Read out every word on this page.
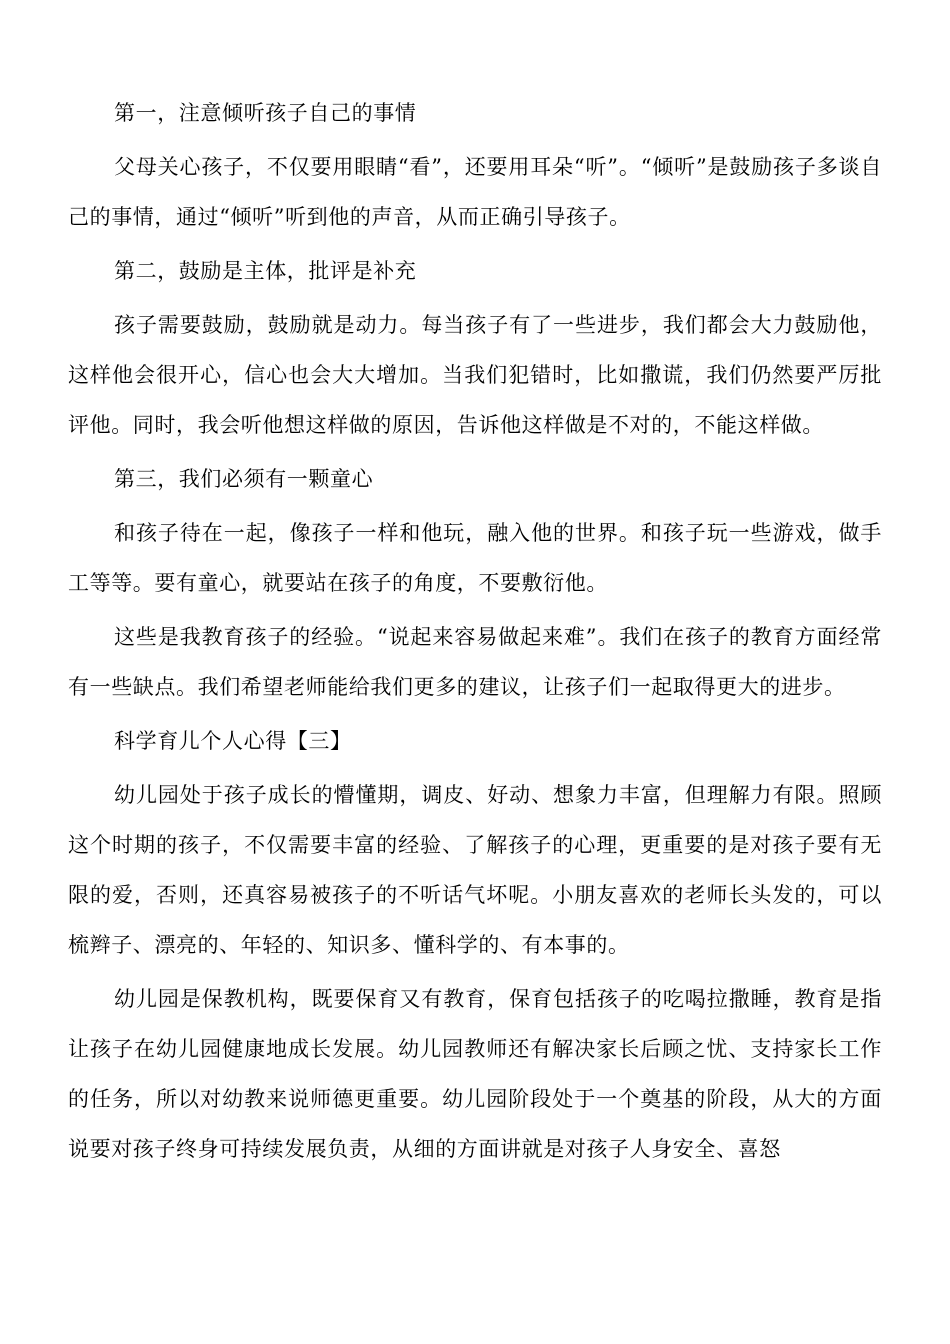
第一，注意倾听孩子自己的事情

父母关心孩子，不仅要用眼睛“看”，还要用耳朵“听”。“倾听”是鼓励孩子多谈自己的事情，通过“倾听”听到他的声音，从而正确引导孩子。

第二，鼓励是主体，批评是补充

孩子需要鼓励，鼓励就是动力。每当孩子有了一些进步，我们都会大力鼓励他，这样他会很开心，信心也会大大增加。当我们犯错时，比如撒谎，我们仍然要严厉批评他。同时，我会听他想这样做的原因，告诉他这样做是不对的，不能这样做。

第三，我们必须有一颗童心

和孩子待在一起，像孩子一样和他玩，融入他的世界。和孩子玩一些游戏，做手工等等。要有童心，就要站在孩子的角度，不要敷衍他。

这些是我教育孩子的经验。“说起来容易做起来难”。我们在孩子的教育方面经常有一些缺点。我们希望老师能给我们更多的建议，让孩子们一起取得更大的进步。

科学育儿个人心得【三】

幼儿园处于孩子成长的懵懂期，调皮、好动、想象力丰富，但理解力有限。照顾这个时期的孩子，不仅需要丰富的经验、了解孩子的心理，更重要的是对孩子要有无限的爱，否则，还真容易被孩子的不听话气坏呢。小朋友喜欢的老师长头发的，可以梳辫子、漂亮的、年轻的、知识多、懂科学的、有本事的。

幼儿园是保教机构，既要保育又有教育，保育包括孩子的吃喝拉撒睡，教育是指让孩子在幼儿园健康地成长发展。幼儿园教师还有解决家长后顾之忧、支持家长工作的任务，所以对幼教来说师德更重要。幼儿园阶段处于一个奠基的阶段，从大的方面说要对孩子终身可持续发展负责，从细的方面讲就是对孩子人身安全、喜怒
